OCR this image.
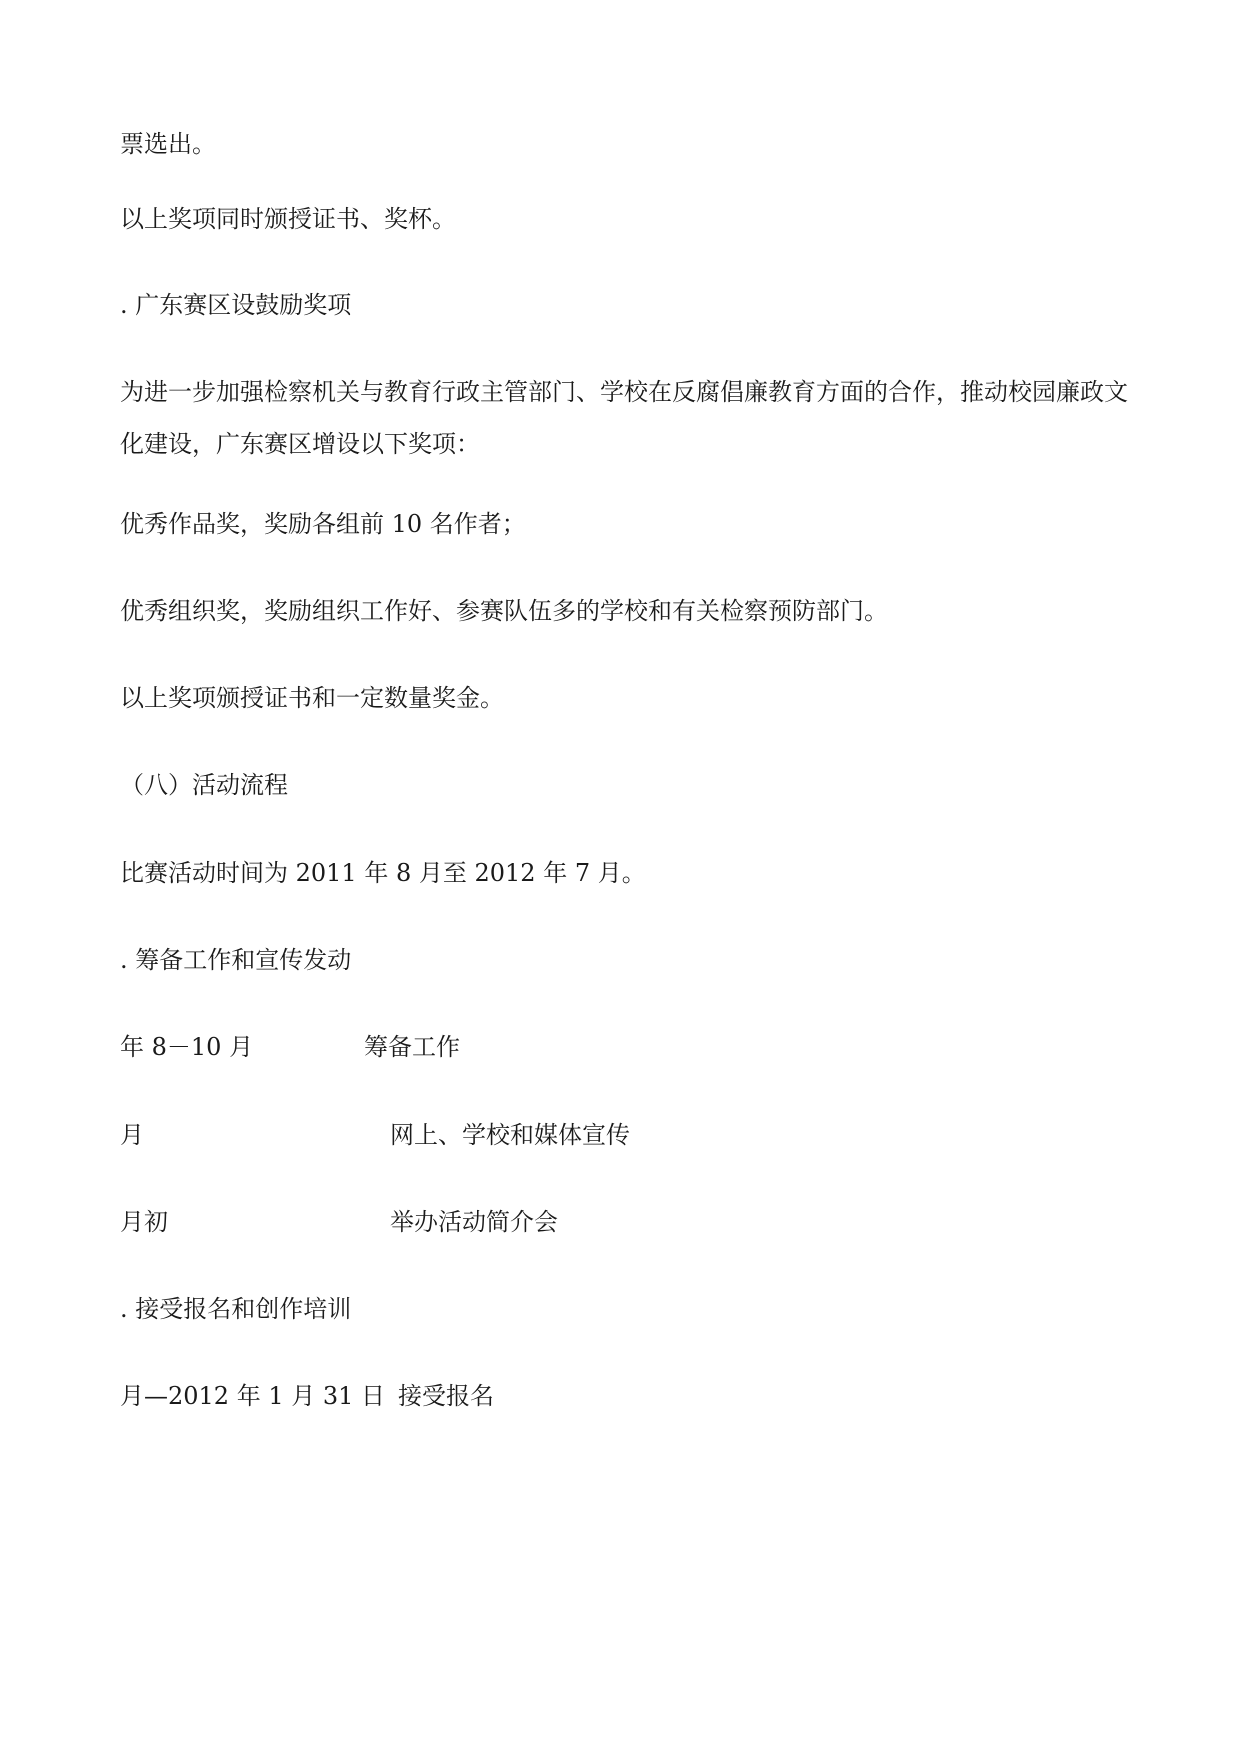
票选出。

以上奖项同时颁授证书、奖杯。

. 广东赛区设鼓励奖项

为进一步加强检察机关与教育行政主管部门、学校在反腐倡廉教育方面的合作，推动校园廉政文化建设，广东赛区增设以下奖项：

优秀作品奖，奖励各组前 10 名作者；

优秀组织奖，奖励组织工作好、参赛队伍多的学校和有关检察预防部门。

以上奖项颁授证书和一定数量奖金。

（八）活动流程

比赛活动时间为 2011 年 8 月至 2012 年 7 月。

. 筹备工作和宣传发动

年 8－10 月	筹备工作
月	网上、学校和媒体宣传
月初	举办活动简介会

. 接受报名和创作培训

月—2012 年 1 月 31 日 接受报名
